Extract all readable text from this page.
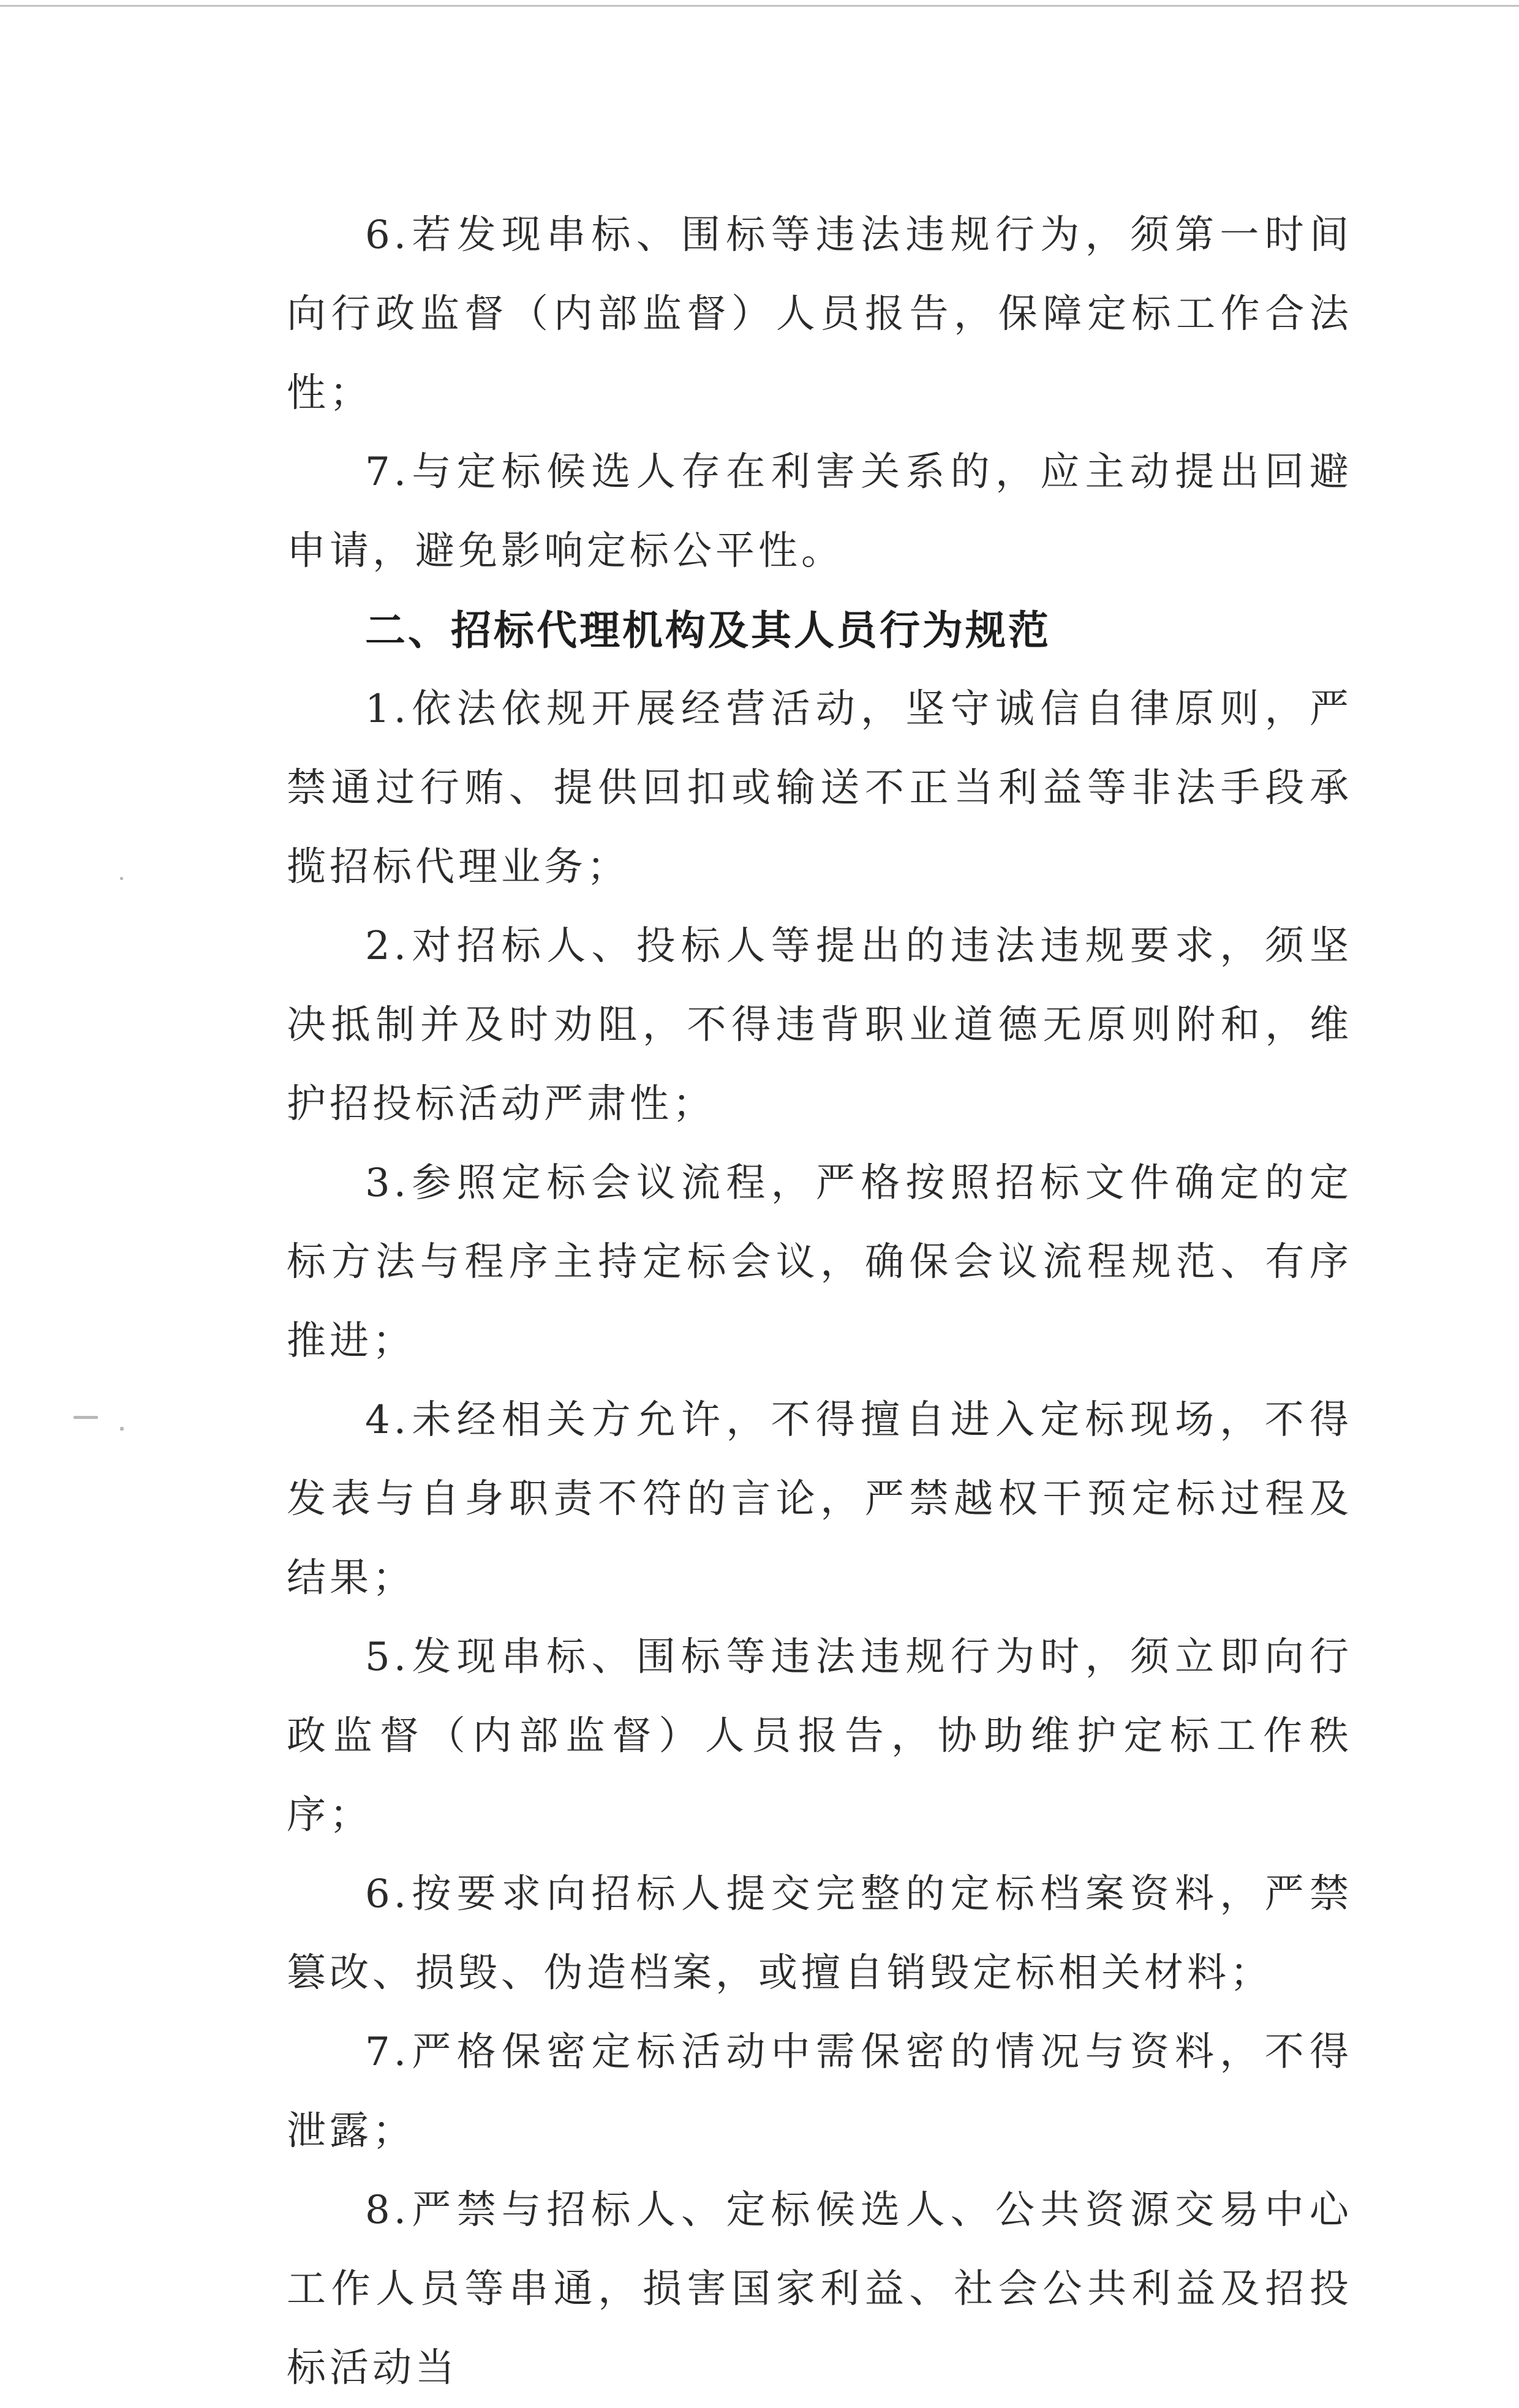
6.若发现串标、围标等违法违规行为，须第一时间向行政监督（内部监督）人员报告，保障定标工作合法性；

7.与定标候选人存在利害关系的，应主动提出回避申请，避免影响定标公平性。

二、招标代理机构及其人员行为规范

1.依法依规开展经营活动，坚守诚信自律原则，严禁通过行贿、提供回扣或输送不正当利益等非法手段承揽招标代理业务；

2.对招标人、投标人等提出的违法违规要求，须坚决抵制并及时劝阻，不得违背职业道德无原则附和，维护招投标活动严肃性；

3.参照定标会议流程，严格按照招标文件确定的定标方法与程序主持定标会议，确保会议流程规范、有序推进；

4.未经相关方允许，不得擅自进入定标现场，不得发表与自身职责不符的言论，严禁越权干预定标过程及结果；

5.发现串标、围标等违法违规行为时，须立即向行政监督（内部监督）人员报告，协助维护定标工作秩序；

6.按要求向招标人提交完整的定标档案资料，严禁篡改、损毁、伪造档案，或擅自销毁定标相关材料；

7.严格保密定标活动中需保密的情况与资料，不得泄露；

8.严禁与招标人、定标候选人、公共资源交易中心工作人员等串通，损害国家利益、社会公共利益及招投标活动当
